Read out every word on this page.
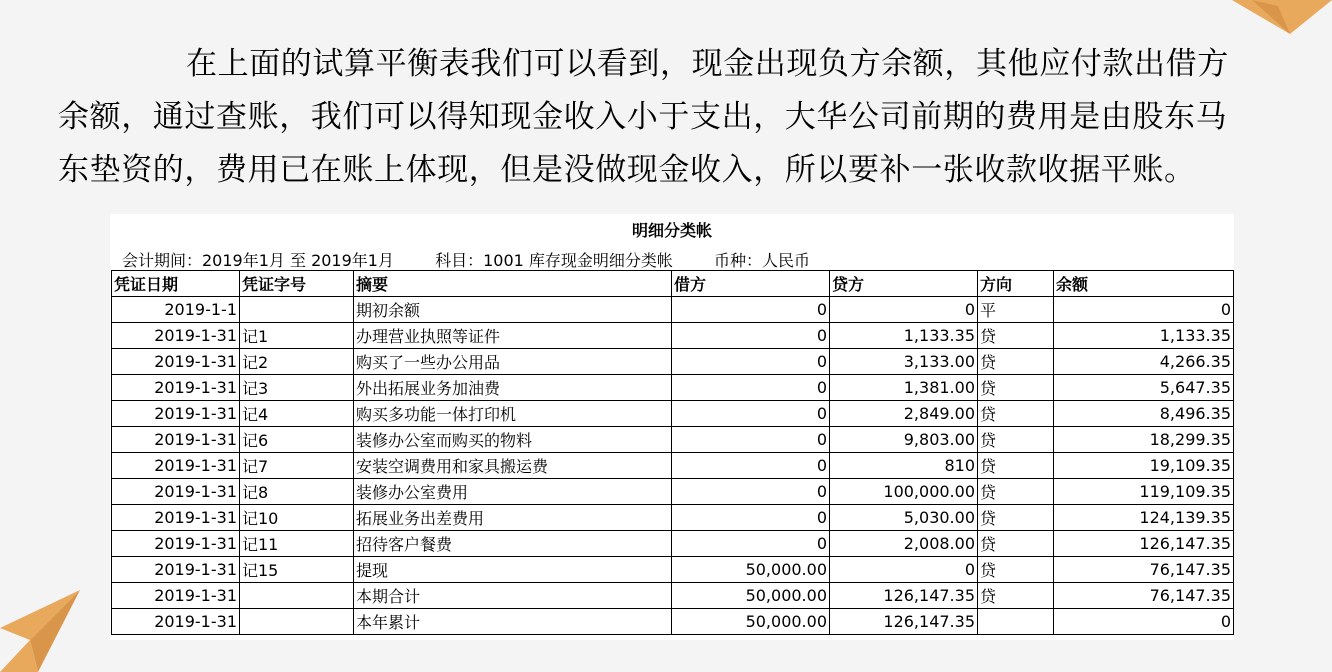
在上面的试算平衡表我们可以看到，现金出现负方余额，其他应付款出借方余额，通过查账，我们可以得知现金收入小于支出，大华公司前期的费用是由股东马东垫资的，费用已在账上体现，但是没做现金收入，所以要补一张收款收据平账。

明细分类帐
会计期间：2019年1月 至 2019年1月	科目：1001 库存现金明细分类帐	币种：人民币
凭证日期	凭证字号	摘要	借方	贷方	方向	余额
2019-1-1		期初余额	0	0	平	0
2019-1-31	记1	办理营业执照等证件	0	1,133.35	贷	1,133.35
2019-1-31	记2	购买了一些办公用品	0	3,133.00	贷	4,266.35
2019-1-31	记3	外出拓展业务加油费	0	1,381.00	贷	5,647.35
2019-1-31	记4	购买多功能一体打印机	0	2,849.00	贷	8,496.35
2019-1-31	记6	装修办公室而购买的物料	0	9,803.00	贷	18,299.35
2019-1-31	记7	安装空调费用和家具搬运费	0	810	贷	19,109.35
2019-1-31	记8	装修办公室费用	0	100,000.00	贷	119,109.35
2019-1-31	记10	拓展业务出差费用	0	5,030.00	贷	124,139.35
2019-1-31	记11	招待客户餐费	0	2,008.00	贷	126,147.35
2019-1-31	记15	提现	50,000.00	0	贷	76,147.35
2019-1-31		本期合计	50,000.00	126,147.35	贷	76,147.35
2019-1-31		本年累计	50,000.00	126,147.35		0
